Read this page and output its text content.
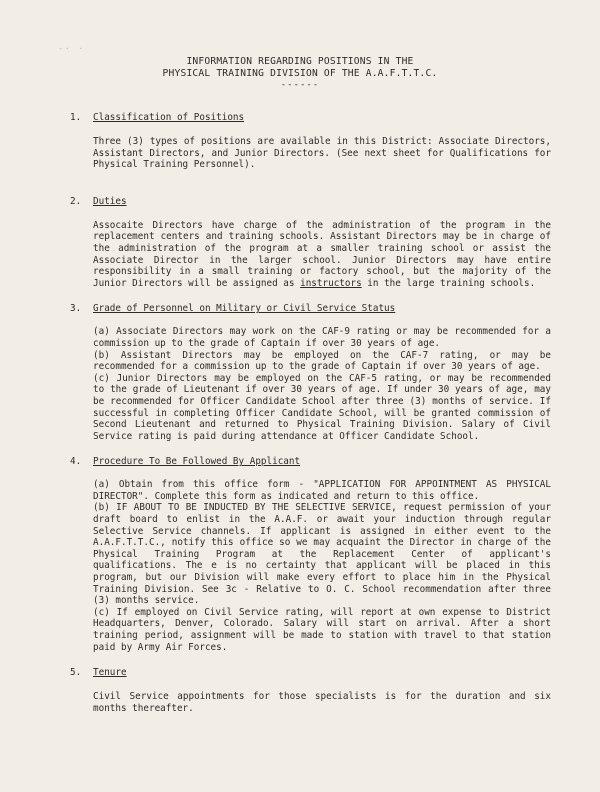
-· ·
INFORMATION REGARDING POSITIONS IN THE
PHYSICAL TRAINING DIVISION OF THE A.A.F.T.T.C.
------
1. Classification of Positions

Three (3) types of positions are available in this District: Associate Directors, Assistant Directors, and Junior Directors. (See next sheet for Qualifications for Physical Training Personnel).

2. Duties

Assocaite Directors have charge of the administration of the program in the replacement centers and training schools. Assistant Directors may be in charge of the administration of the program at a smaller training school or assist the Associate Director in the larger school. Junior Directors may have entire responsibility in a small training or factory school, but the majority of the Junior Directors will be assigned as instructors in the large training schools.

3. Grade of Personnel on Military or Civil Service Status

(a) Associate Directors may work on the CAF-9 rating or may be recommended for a commission up to the grade of Captain if over 30 years of age.

(b) Assistant Directors may be employed on the CAF-7 rating, or may be recommended for a commission up to the grade of Captain if over 30 years of age.

(c) Junior Directors may be employed on the CAF-5 rating, or may be recommended to the grade of Lieutenant if over 30 years of age. If under 30 years of age, may be recommended for Officer Candidate School after three (3) months of service. If successful in completing Officer Candidate School, will be granted commission of Second Lieutenant and returned to Physical Training Division. Salary of Civil Service rating is paid during attendance at Officer Candidate School.

4. Procedure To Be Followed By Applicant

(a) Obtain from this office form - "APPLICATION FOR APPOINTMENT AS PHYSICAL DIRECTOR". Complete this form as indicated and return to this office.

(b) IF ABOUT TO BE INDUCTED BY THE SELECTIVE SERVICE, request permission of your draft board to enlist in the A.A.F. or await your induction through regular Selective Service channels. If applicant is assigned in either event to the A.A.F.T.T.C., notify this office so we may acquaint the Director in charge of the Physical Training Program at the Replacement Center of applicant's qualifications. The e is no certainty that applicant will be placed in this program, but our Division will make every effort to place him in the Physical Training Division. See 3c - Relative to O. C. School recommendation after three (3) months service.

(c) If employed on Civil Service rating, will report at own expense to District Headquarters, Denver, Colorado. Salary will start on arrival. After a short training period, assignment will be made to station with travel to that station paid by Army Air Forces.

5. Tenure

Civil Service appointments for those specialists is for the duration and six months thereafter.
